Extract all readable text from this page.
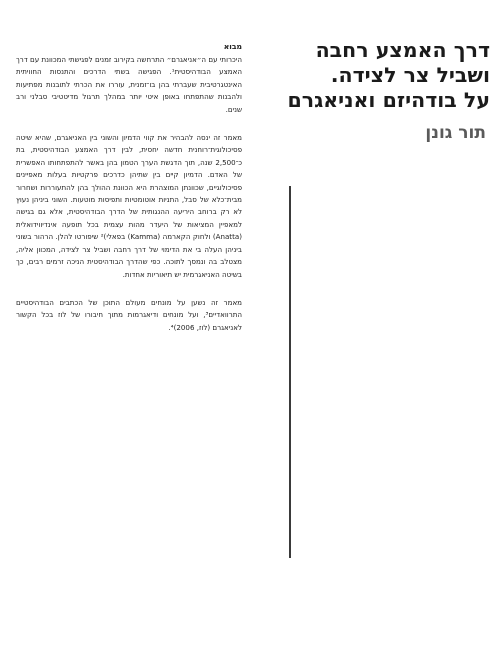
דרך האמצע רחבה
ושביל צר לצידה.
על בודהיזם ואניאגרם
תור גונן
מבוא

היכרותי עם ה״אניאגרם״ התרחשה בקירוב זמנים לפגישתי המכוונת עם דרך האמצע הבודהיסטית¹. הפגישה בשתי הדרכים והתנסות החוויתית האינטגרטיבית שעברתי בהן בו־זמנית, עוררו את הכרתי לתובנות מפתיעות ולהבנות שהתפתחו באופן איטי יותר במהלך תרגול מדיטטיבי סבלני ורב שנים.

מאמר זה ינסה להבהיר את קווי הדמיון והשוני בין האניאגרם, שהיא שיטה פסיכולוגית־רוחנית חדשה יחסית, לבין דרך האמצע הבודהיסטית, בת כ־2,500 שנה, תוך הדגשת הערך הטמון בהן באשר להתפתחותו האפשרית של האדם. הדמיון קיים בין שתיהן כדרכים פרקטיות בעלות מאפיינים פסיכולוגיים, שכוונתן המוצהרת היא הכוונת ההולך בהן להתעוררות ושחרור מבית־כלא של סבל, התניות אוטומטיות ותפיסות מוטעות. השוני ביניהן נעוץ לא רק ברוחב היריעה ההנגותית של הדרך הבודהיסטית, אלא גם בגישה למאפיין המציאות של היעדר מהות עצמית בכל תופעה אינדיווידואלית (Anatta) ולחוק הקארמה (Kamma) בפאלי)² שיפורטו להלן. הרהור בשוני ביניהן העלה בי את הדימוי של דרך רחבה ושביל צר לצידה, המכוון אליה, מצטלב בה ונמסך לתוכה. כפי שהדרך הבודהיסטית הניכה זרמים רבים, כך בשיטה האניאגרמית יש תיאוריות אחדות.

מאמר זה נשען על מונחים מעולם התוכן של הכתבים הבודהיסטיים התרוואדיים³, ועל מונחים ודיאגרמות מתוך חיבורו של לוז בכל הקשור לאניאגרם (לוז, 2006)⁴.
